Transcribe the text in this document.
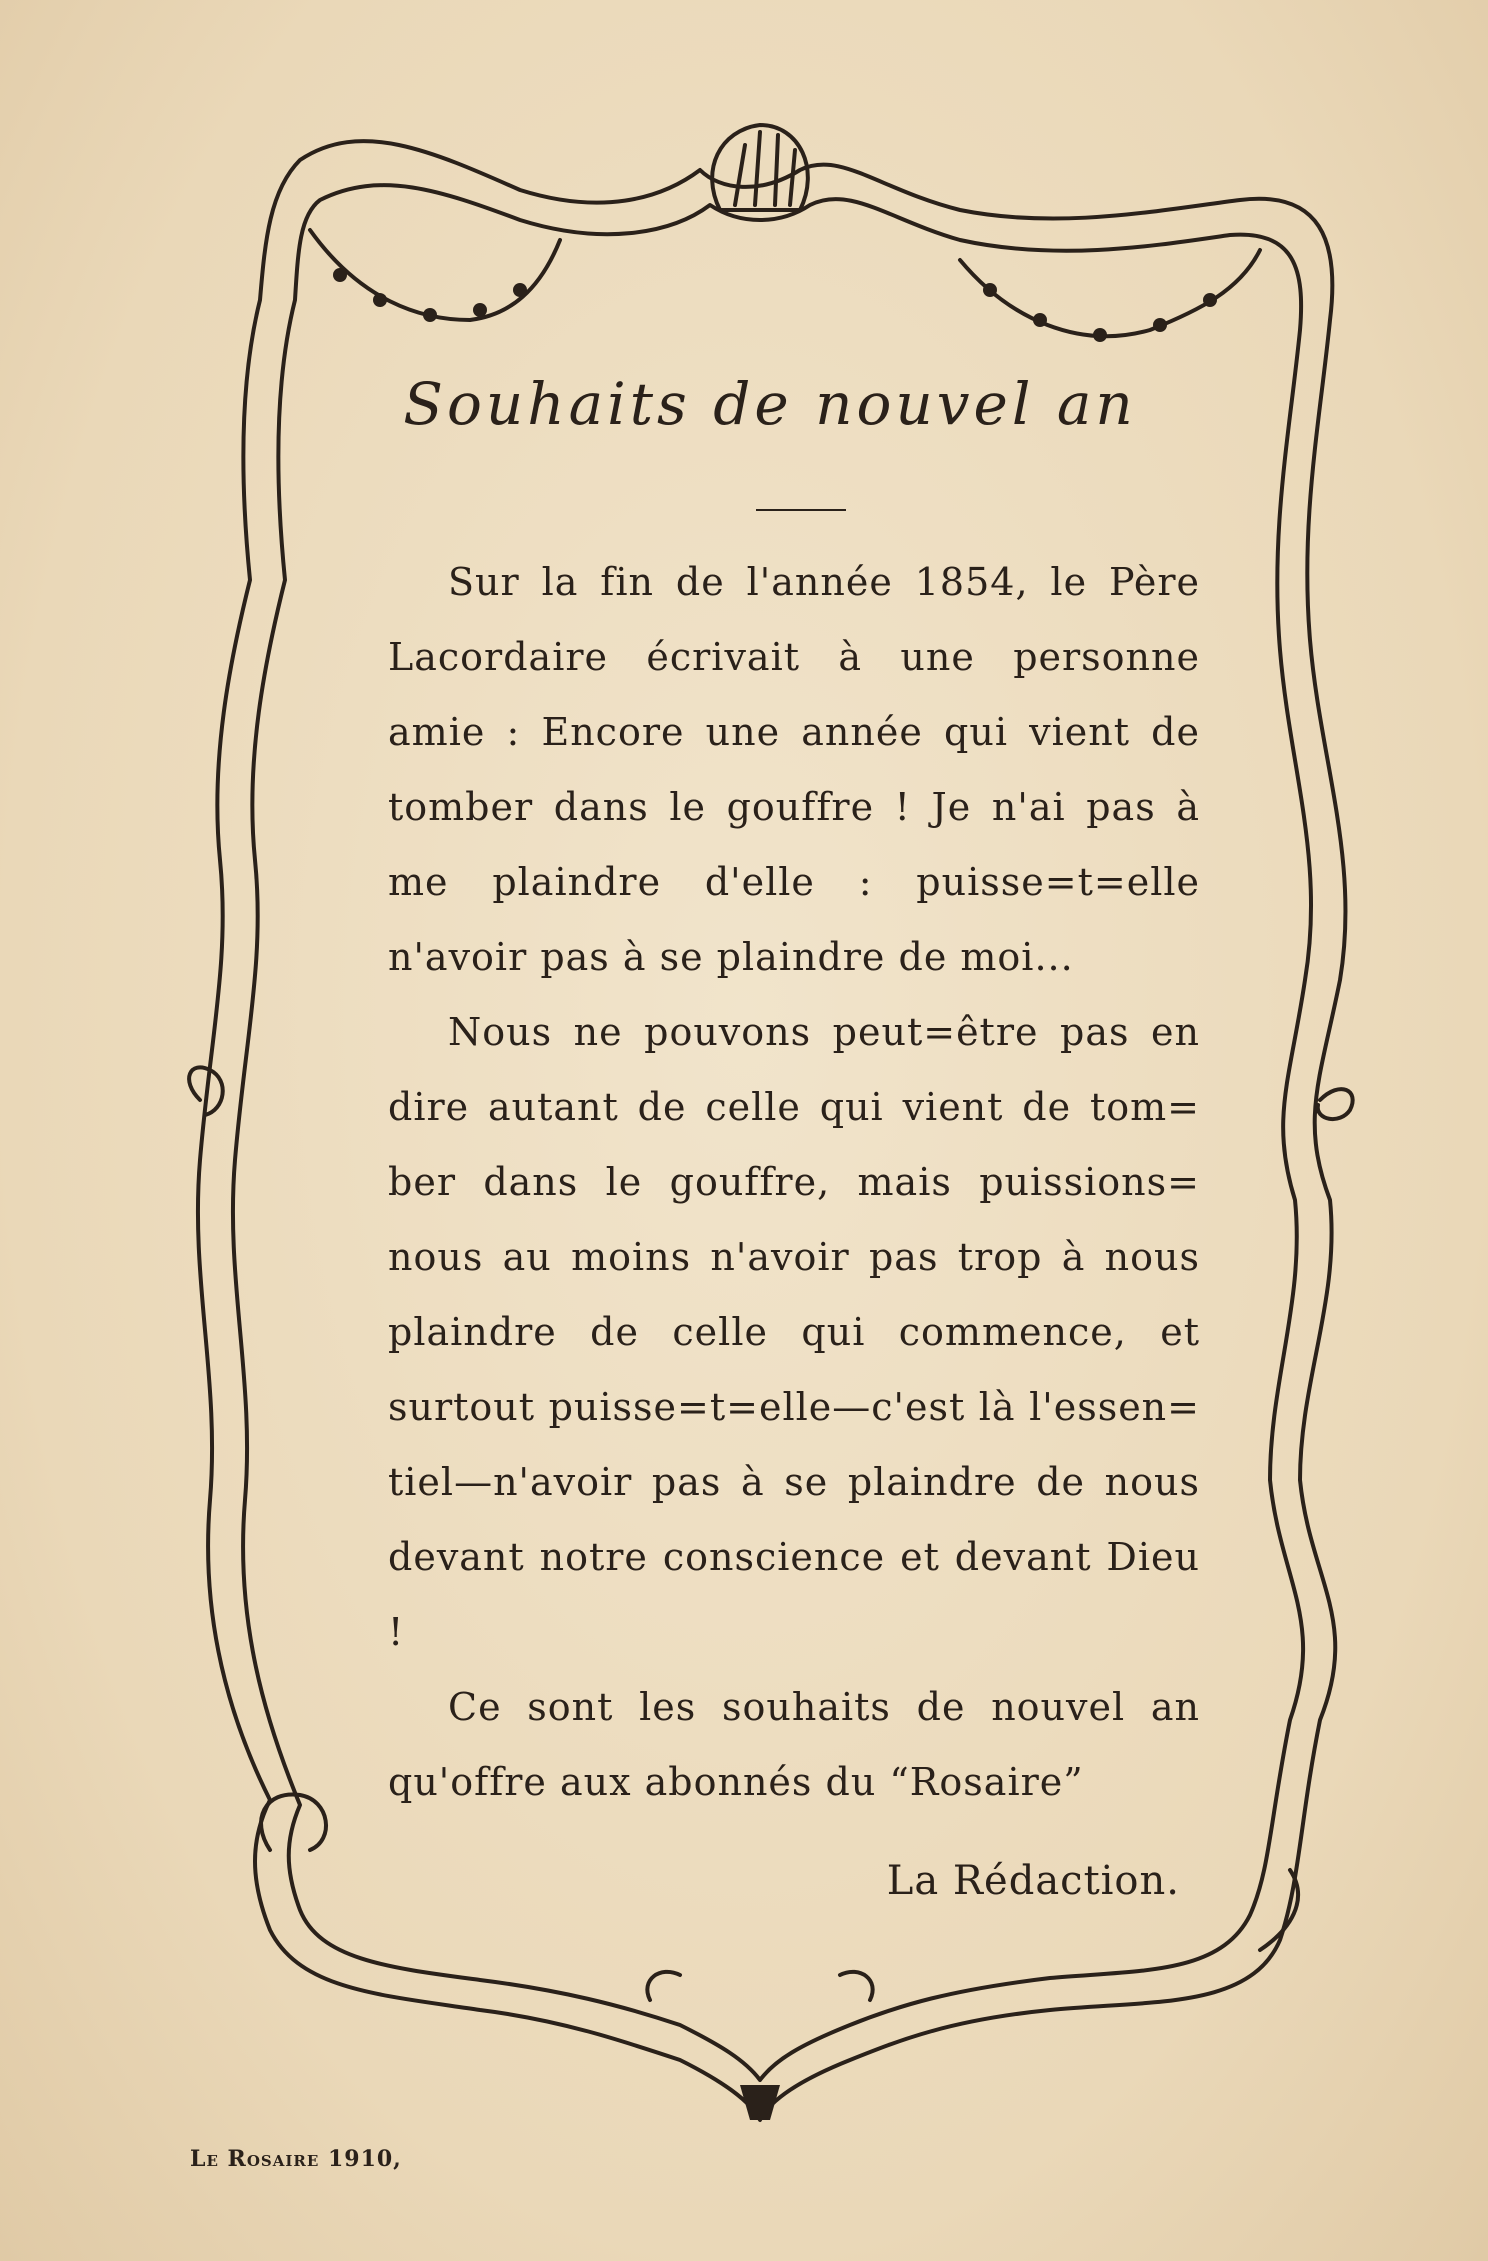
Souhaits de nouvel an

Sur la fin de l'année 1854, le Père Lacordaire écrivait à une personne amie : Encore une année qui vient de tomber dans le gouffre ! Je n'ai pas à me plaindre d'elle : puisse=t=elle n'avoir pas à se plaindre de moi...

Nous ne pouvons peut=être pas en dire autant de celle qui vient de tom= ber dans le gouffre, mais puissions= nous au moins n'avoir pas trop à nous plaindre de celle qui commence, et surtout puisse=t=elle—c'est là l'essen= tiel—n'avoir pas à se plaindre de nous devant notre conscience et devant Dieu !

Ce sont les souhaits de nouvel an qu'offre aux abonnés du “Rosaire”

La Rédaction.
Le Rosaire 1910,
